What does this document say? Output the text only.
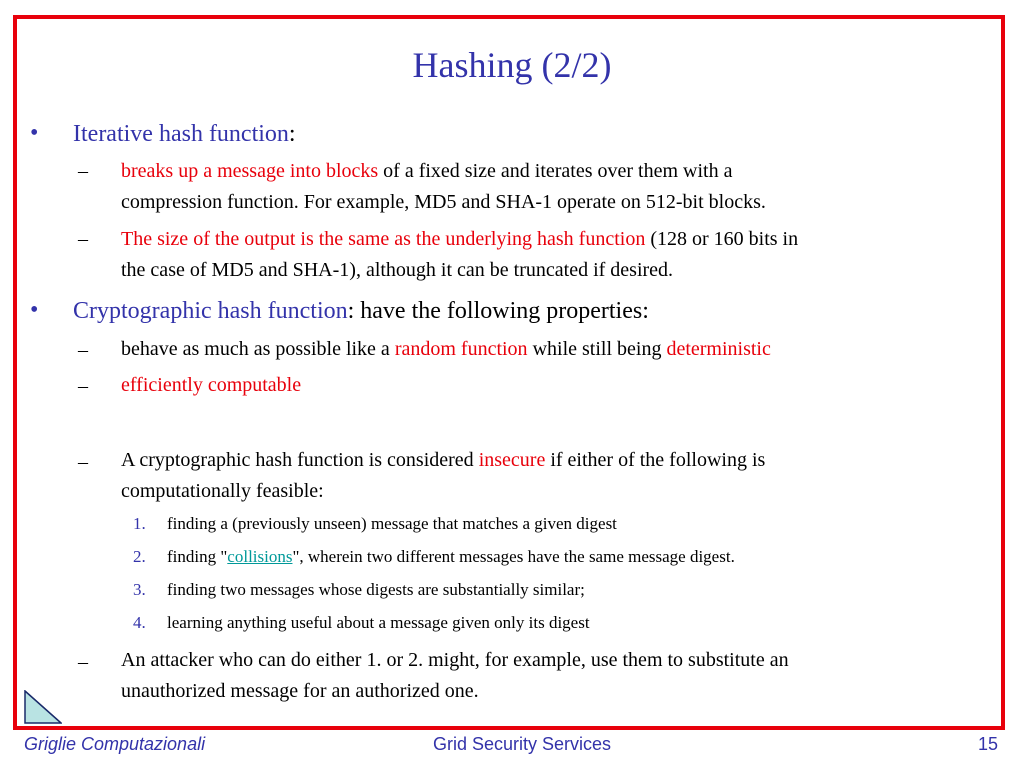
Hashing (2/2)
• Iterative hash function:
– breaks up a message into blocks of a fixed size and iterates over them with a
compression function. For example, MD5 and SHA-1 operate on 512-bit blocks.
– The size of the output is the same as the underlying hash function (128 or 160 bits in
the case of MD5 and SHA-1), although it can be truncated if desired.
• Cryptographic hash function: have the following properties:
– behave as much as possible like a random function while still being deterministic
– efficiently computable
– A cryptographic hash function is considered insecure if either of the following is
computationally feasible:
1. finding a (previously unseen) message that matches a given digest
2. finding "collisions", wherein two different messages have the same message digest.
3. finding two messages whose digests are substantially similar;
4. learning anything useful about a message given only its digest
– An attacker who can do either 1. or 2. might, for example, use them to substitute an
unauthorized message for an authorized one.
Griglie Computazionali	Grid Security Services	15
